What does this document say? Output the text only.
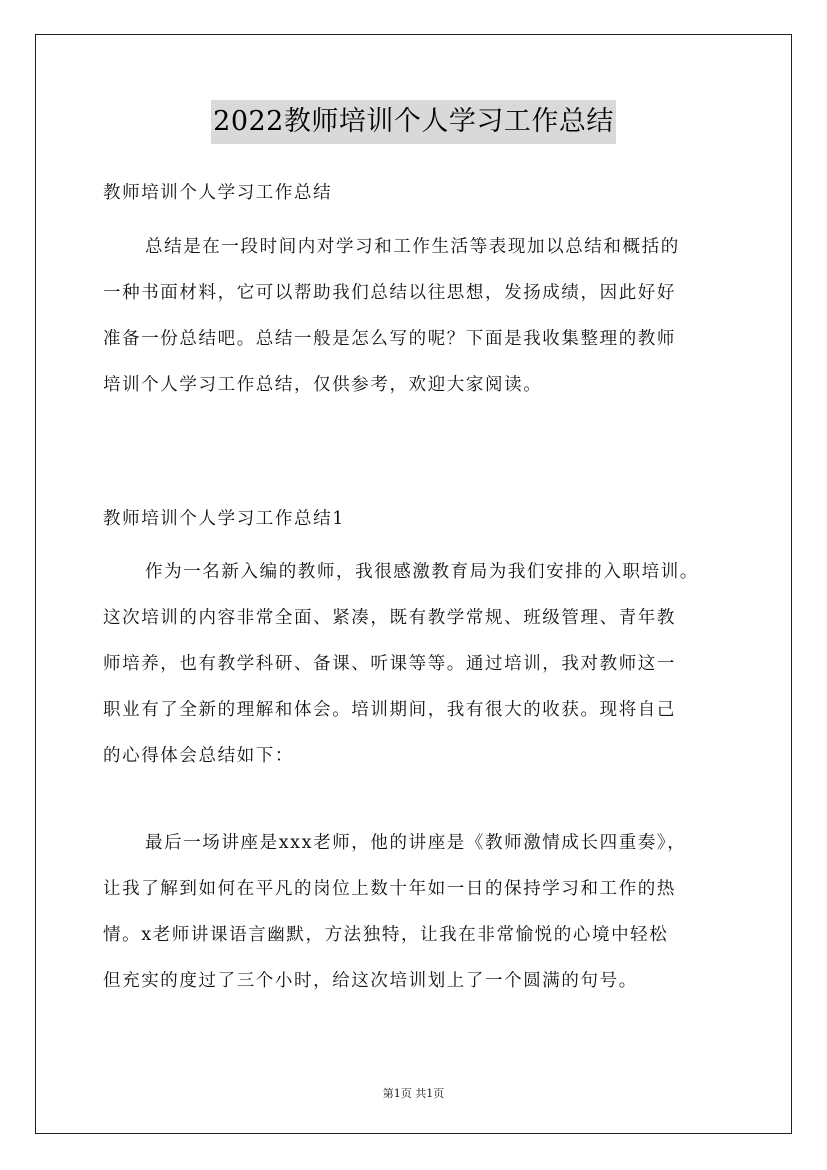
2022教师培训个人学习工作总结
教师培训个人学习工作总结
总结是在一段时间内对学习和工作生活等表现加以总结和概括的
一种书面材料，它可以帮助我们总结以往思想，发扬成绩，因此好好
准备一份总结吧。总结一般是怎么写的呢？下面是我收集整理的教师
培训个人学习工作总结，仅供参考，欢迎大家阅读。
教师培训个人学习工作总结1
作为一名新入编的教师，我很感激教育局为我们安排的入职培训。
这次培训的内容非常全面、紧凑，既有教学常规、班级管理、青年教
师培养，也有教学科研、备课、听课等等。通过培训，我对教师这一
职业有了全新的理解和体会。培训期间，我有很大的收获。现将自己
的心得体会总结如下：
最后一场讲座是xxx老师，他的讲座是《教师激情成长四重奏》，
让我了解到如何在平凡的岗位上数十年如一日的保持学习和工作的热
情。x老师讲课语言幽默，方法独特，让我在非常愉悦的心境中轻松
但充实的度过了三个小时，给这次培训划上了一个圆满的句号。
第1页 共1页
